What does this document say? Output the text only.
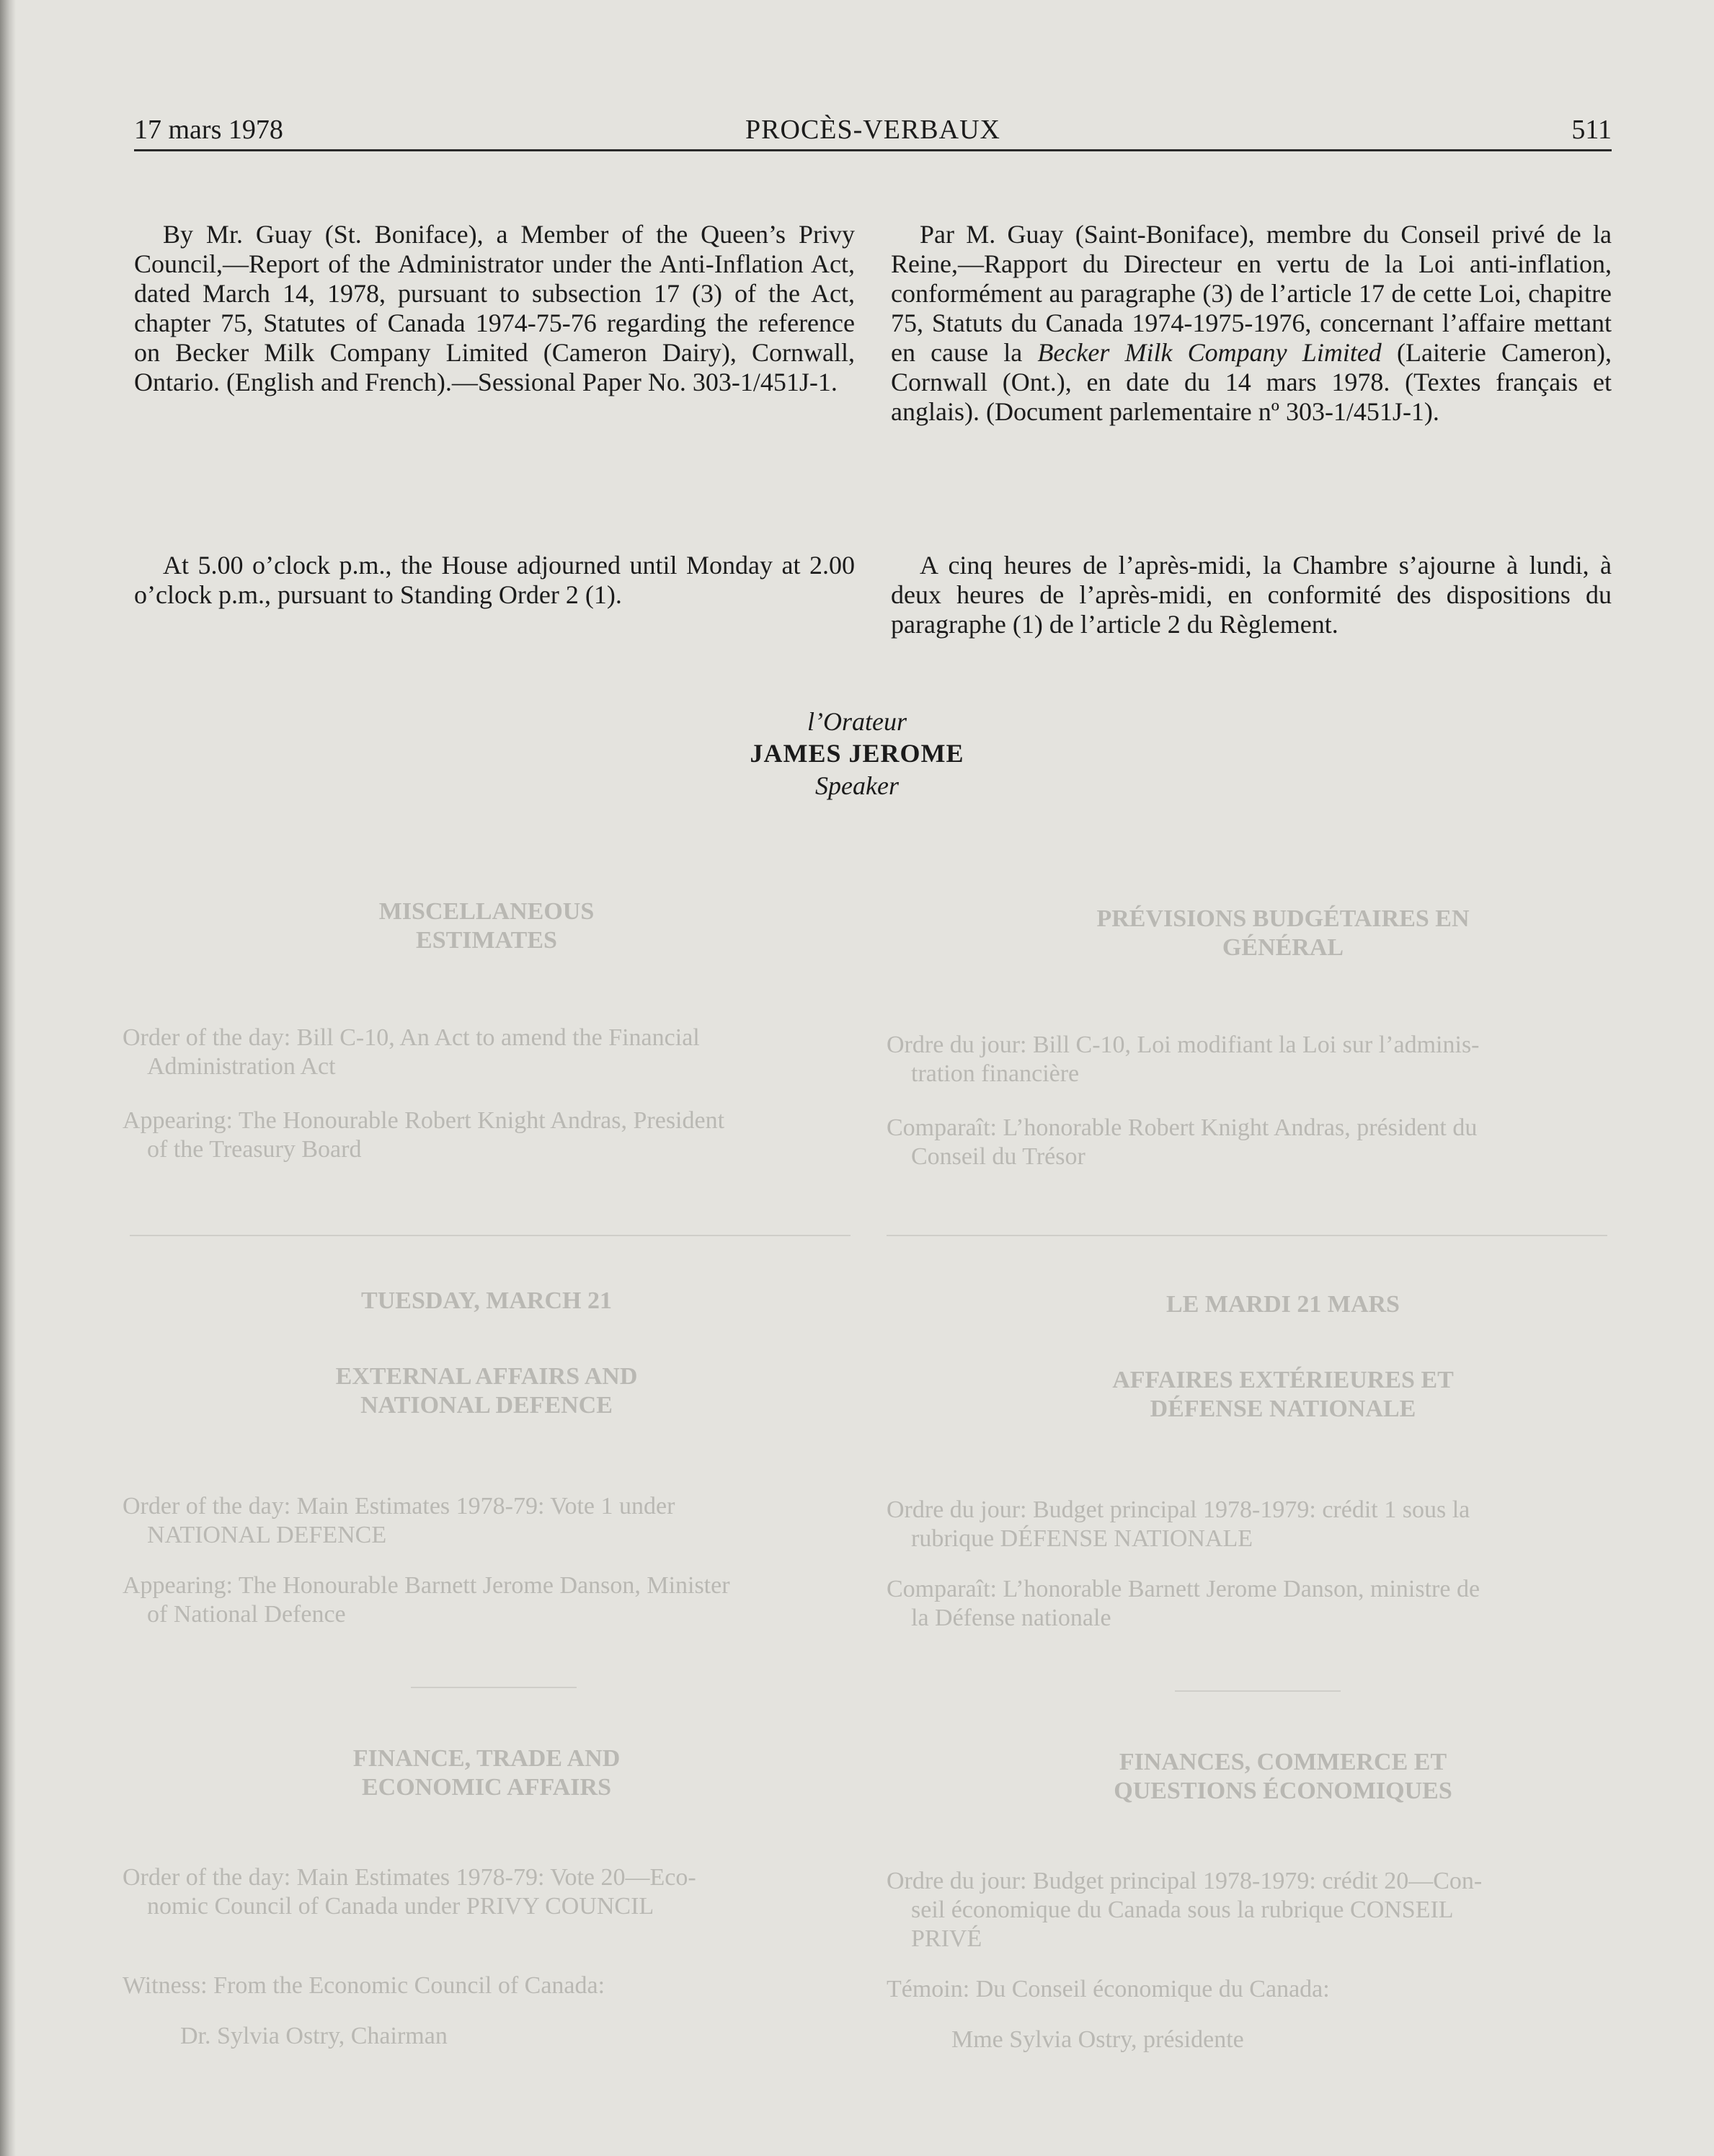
MISCELLANEOUS
ESTIMATES
PRÉVISIONS BUDGÉTAIRES EN
GÉNÉRAL
Order of the day: Bill C-10, An Act to amend the Financial
Administration Act
Ordre du jour: Bill C-10, Loi modifiant la Loi sur l’adminis-
tration financière
Appearing: The Honourable Robert Knight Andras, President
of the Treasury Board
Comparaît: L’honorable Robert Knight Andras, président du
Conseil du Trésor
TUESDAY, MARCH 21	LE MARDI 21 MARS
EXTERNAL AFFAIRS AND
NATIONAL DEFENCE
AFFAIRES EXTÉRIEURES ET
DÉFENSE NATIONALE
Order of the day: Main Estimates 1978-79: Vote 1 under
NATIONAL DEFENCE
Ordre du jour: Budget principal 1978-1979: crédit 1 sous la
rubrique DÉFENSE NATIONALE
Appearing: The Honourable Barnett Jerome Danson, Minister
of National Defence
Comparaît: L’honorable Barnett Jerome Danson, ministre de
la Défense nationale
FINANCE, TRADE AND
ECONOMIC AFFAIRS
FINANCES, COMMERCE ET
QUESTIONS ÉCONOMIQUES
Order of the day: Main Estimates 1978-79: Vote 20—Eco-
nomic Council of Canada under PRIVY COUNCIL
Ordre du jour: Budget principal 1978-1979: crédit 20—Con-
seil économique du Canada sous la rubrique CONSEIL
PRIVÉ
Witness: From the Economic Council of Canada:	Témoin: Du Conseil économique du Canada:
Dr. Sylvia Ostry, Chairman	Mme Sylvia Ostry, présidente
17 mars 1978	PROCÈS-VERBAUX	511

By Mr. Guay (St. Boniface), a Member of the Queen’s Privy Council,—Report of the Administrator under the Anti-Inflation Act, dated March 14, 1978, pursuant to subsection 17 (3) of the Act, chapter 75, Statutes of Canada 1974-75-76 regarding the reference on Becker Milk Company Limited (Cameron Dairy), Cornwall, Ontario. (English and French).—Sessional Paper No. 303-1/451J-1.

At 5.00 o’clock p.m., the House adjourned until Monday at 2.00 o’clock p.m., pursuant to Standing Order 2 (1).

Par M. Guay (Saint-Boniface), membre du Conseil privé de la Reine,—Rapport du Directeur en vertu de la Loi anti-inflation, conformément au paragraphe (3) de l’article 17 de cette Loi, chapitre 75, Statuts du Canada 1974-1975-1976, concernant l’affaire mettant en cause la Becker Milk Company Limited (Laiterie Cameron), Cornwall (Ont.), en date du 14 mars 1978. (Textes français et anglais). (Document parlementaire nº 303-1/451J-1).

A cinq heures de l’après-midi, la Chambre s’ajourne à lundi, à deux heures de l’après-midi, en conformité des dispositions du paragraphe (1) de l’article 2 du Règlement.

l’Orateur
JAMES JEROME
Speaker
